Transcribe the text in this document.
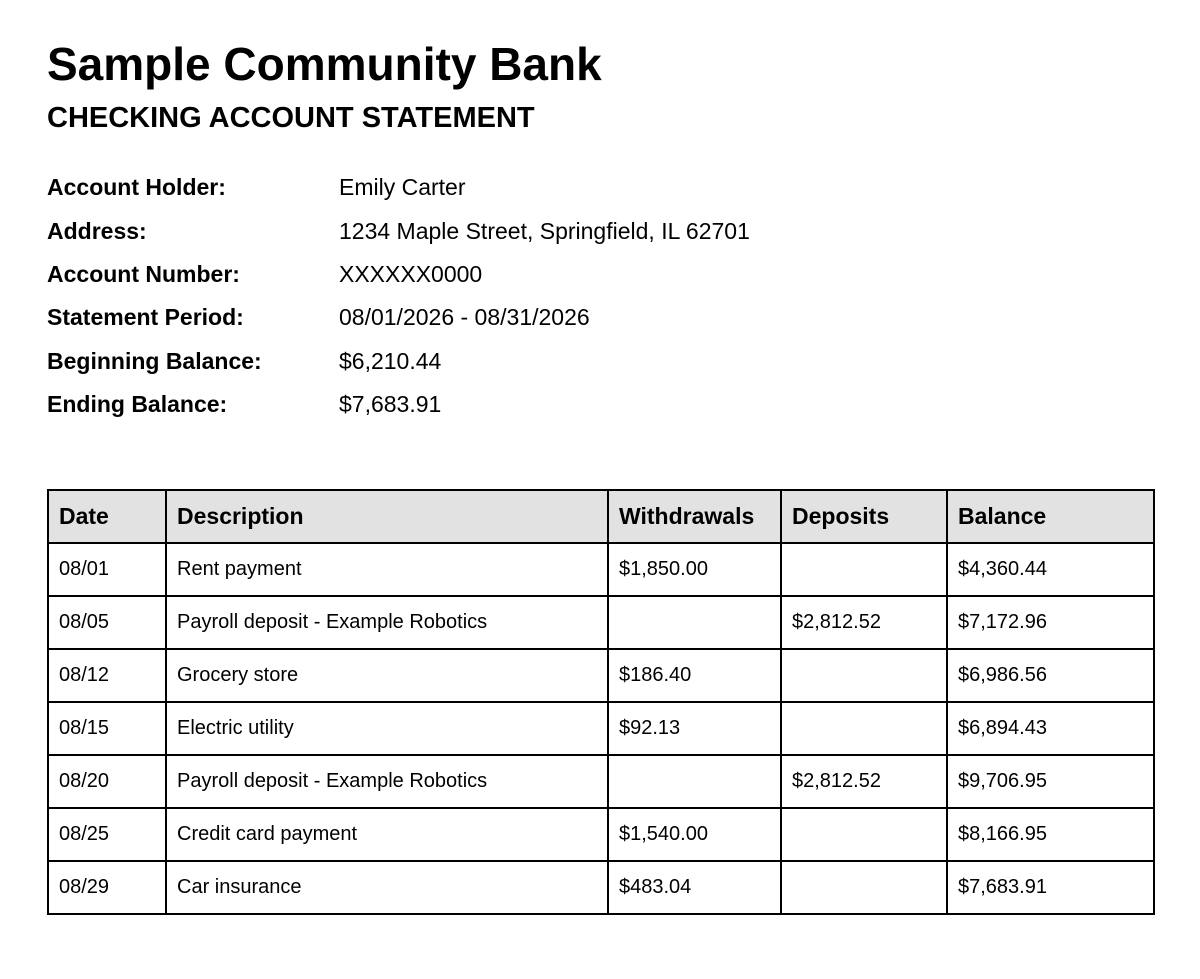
Sample Community Bank
CHECKING ACCOUNT STATEMENT
Account Holder:	Emily Carter
Address:	1234 Maple Street, Springfield, IL 62701
Account Number:	XXXXXX0000
Statement Period:	08/01/2026 - 08/31/2026
Beginning Balance:	$6,210.44
Ending Balance:	$7,683.91
Date	Description	Withdrawals	Deposits	Balance
08/01	Rent payment	$1,850.00		$4,360.44
08/05	Payroll deposit - Example Robotics		$2,812.52	$7,172.96
08/12	Grocery store	$186.40		$6,986.56
08/15	Electric utility	$92.13		$6,894.43
08/20	Payroll deposit - Example Robotics		$2,812.52	$9,706.95
08/25	Credit card payment	$1,540.00		$8,166.95
08/29	Car insurance	$483.04		$7,683.91
